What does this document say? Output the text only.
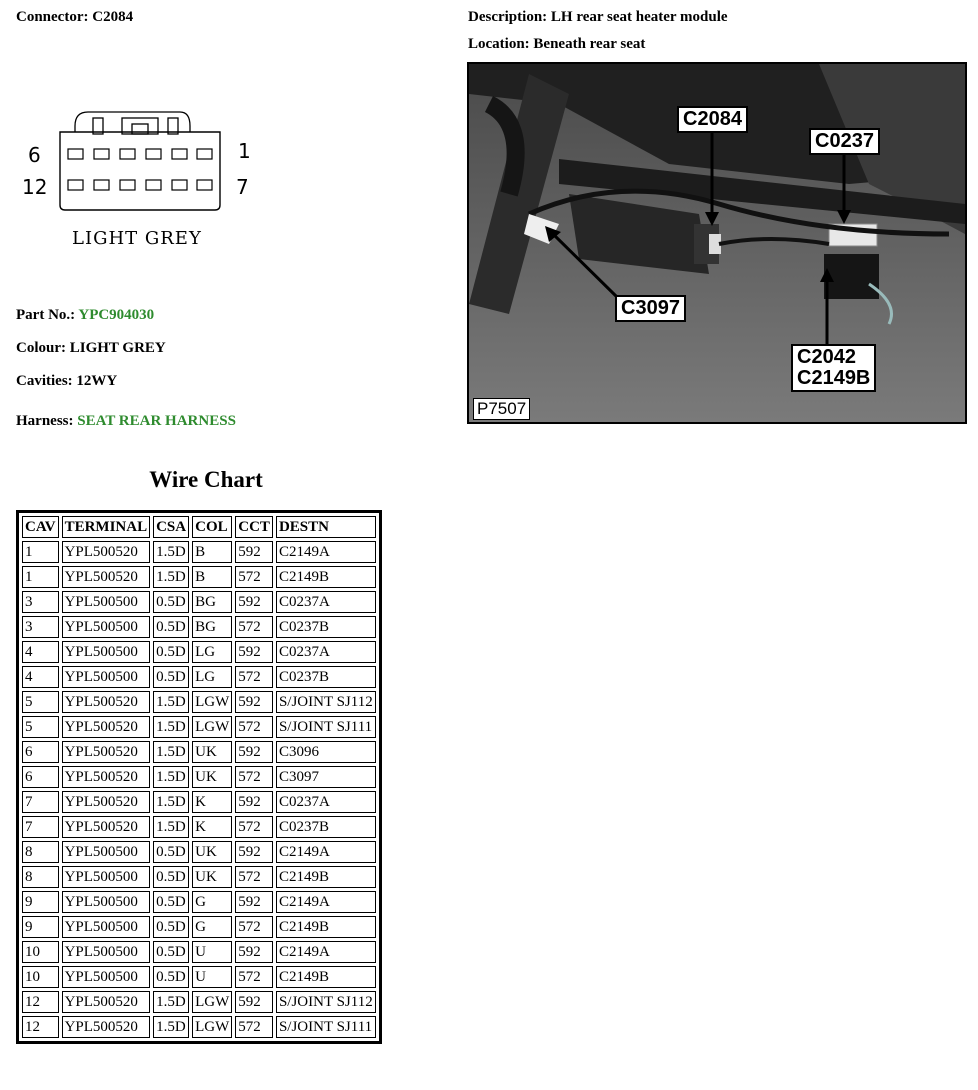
Connector: C2084	Description: LH rear seat heater module
Location: Beneath rear seat
6
12
1
7
LIGHT GREY
Part No.: YPC904030
Colour: LIGHT GREY
Cavities: 12WY
Harness: SEAT REAR HARNESS
C2084
C0237
C3097
C2042
C2149B
P7507
Wire Chart
CAV	TERMINAL	CSA	COL	CCT	DESTN
1	YPL500520	1.5D	B	592	C2149A
1	YPL500520	1.5D	B	572	C2149B
3	YPL500500	0.5D	BG	592	C0237A
3	YPL500500	0.5D	BG	572	C0237B
4	YPL500500	0.5D	LG	592	C0237A
4	YPL500500	0.5D	LG	572	C0237B
5	YPL500520	1.5D	LGW	592	S/JOINT SJ112
5	YPL500520	1.5D	LGW	572	S/JOINT SJ111
6	YPL500520	1.5D	UK	592	C3096
6	YPL500520	1.5D	UK	572	C3097
7	YPL500520	1.5D	K	592	C0237A
7	YPL500520	1.5D	K	572	C0237B
8	YPL500500	0.5D	UK	592	C2149A
8	YPL500500	0.5D	UK	572	C2149B
9	YPL500500	0.5D	G	592	C2149A
9	YPL500500	0.5D	G	572	C2149B
10	YPL500500	0.5D	U	592	C2149A
10	YPL500500	0.5D	U	572	C2149B
12	YPL500520	1.5D	LGW	592	S/JOINT SJ112
12	YPL500520	1.5D	LGW	572	S/JOINT SJ111
